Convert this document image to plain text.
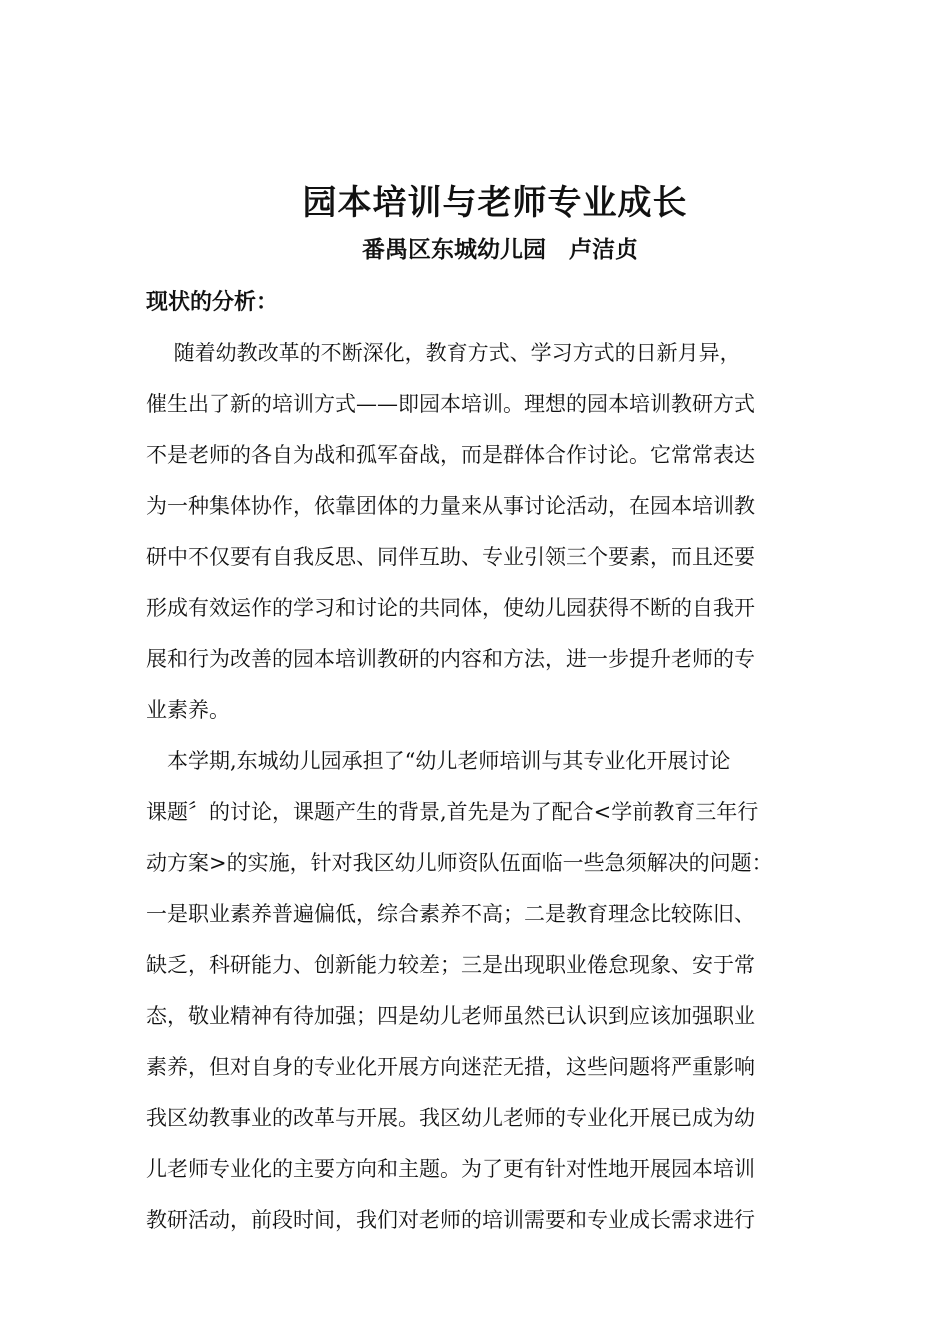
园本培训与老师专业成长
番禺区东城幼儿园　卢洁贞
现状的分析：
　 随着幼教改革的不断深化，教育方式、学习方式的日新月异，
催生出了新的培训方式——即园本培训。理想的园本培训教研方式
不是老师的各自为战和孤军奋战，而是群体合作讨论。它常常表达
为一种集体协作，依靠团体的力量来从事讨论活动，在园本培训教
研中不仅要有自我反思、同伴互助、专业引领三个要素，而且还要
形成有效运作的学习和讨论的共同体，使幼儿园获得不断的自我开
展和行为改善的园本培训教研的内容和方法，进一步提升老师的专
业素养。
　本学期,东城幼儿园承担了“幼儿老师培训与其专业化开展讨论
课题〞的讨论，课题产生的背景,首先是为了配合<学前教育三年行
动方案>的实施，针对我区幼儿师资队伍面临一些急须解决的问题：
一是职业素养普遍偏低，综合素养不高；二是教育理念比较陈旧、
缺乏，科研能力、创新能力较差；三是出现职业倦怠现象、安于常
态，敬业精神有待加强；四是幼儿老师虽然已认识到应该加强职业
素养，但对自身的专业化开展方向迷茫无措，这些问题将严重影响
我区幼教事业的改革与开展。我区幼儿老师的专业化开展已成为幼
儿老师专业化的主要方向和主题。为了更有针对性地开展园本培训
教研活动，前段时间，我们对老师的培训需要和专业成长需求进行
